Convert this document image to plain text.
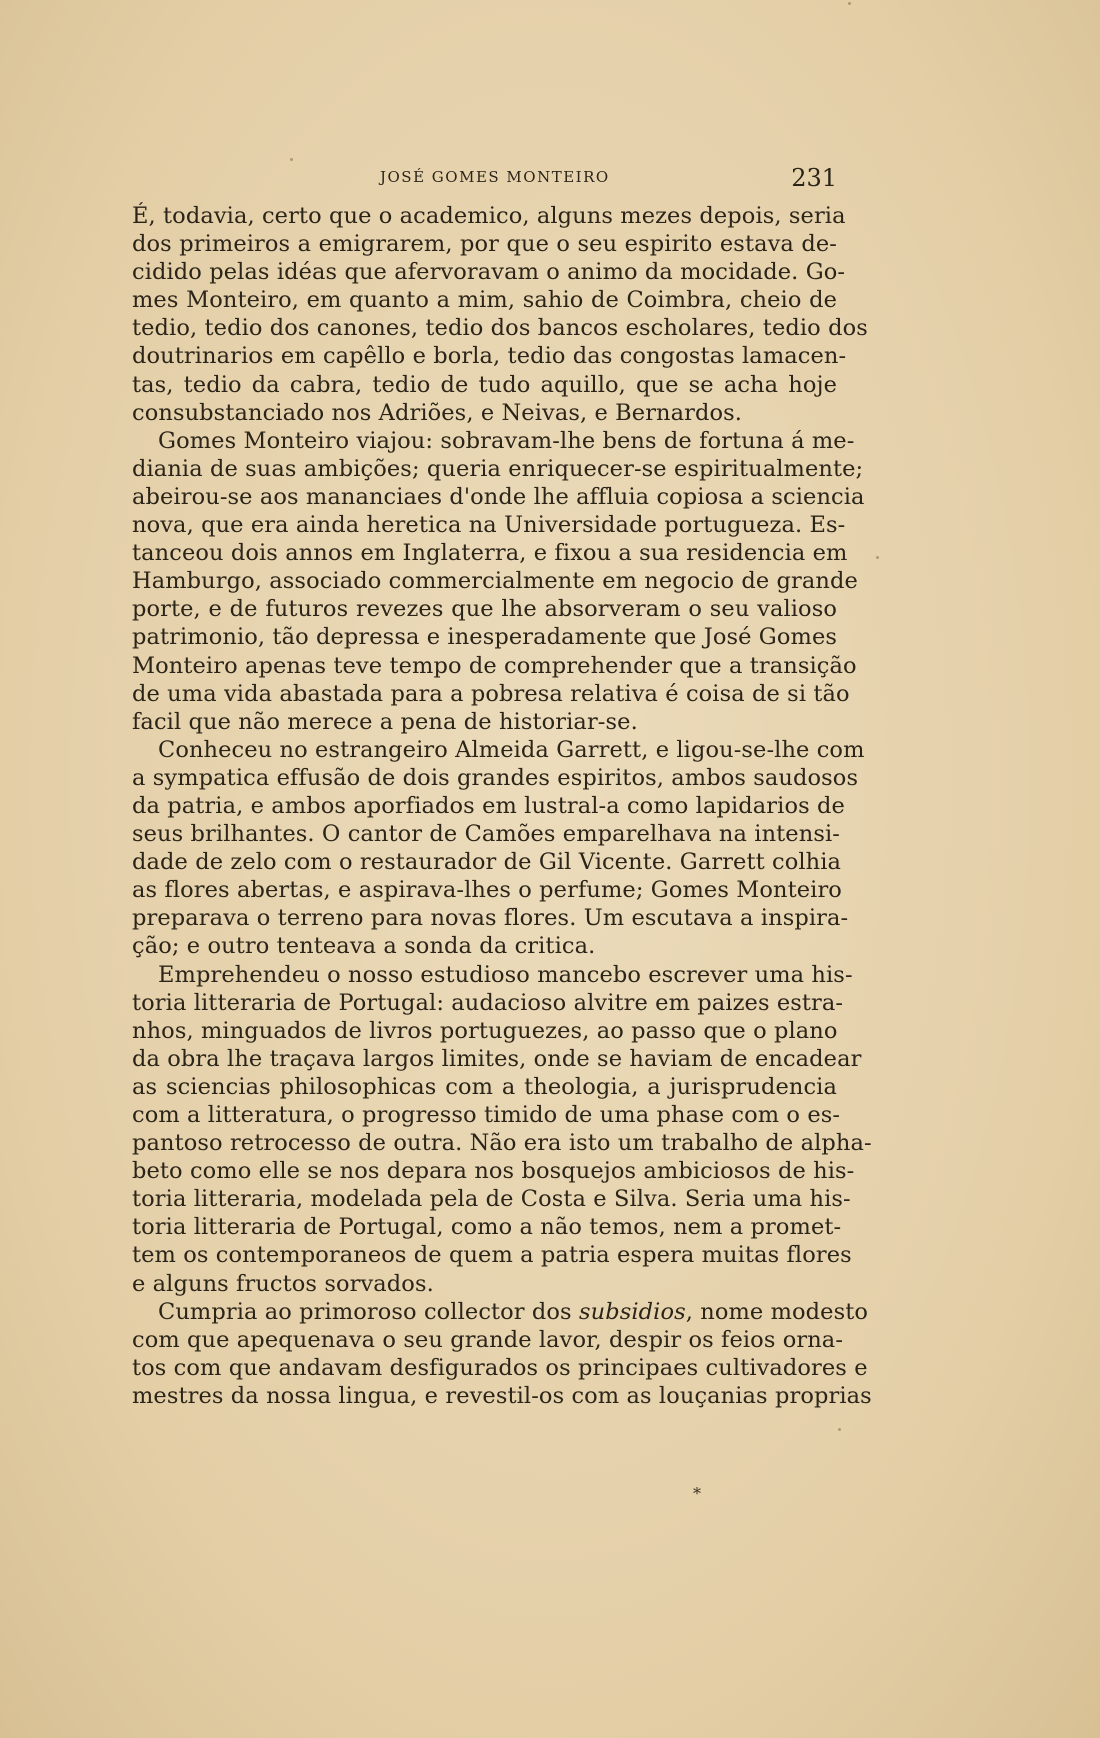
JOSÉ GOMES MONTEIRO	231
É, todavia, certo que o academico, alguns mezes depois, seria
dos primeiros a emigrarem, por que o seu espirito estava de-
cidido pelas idéas que afervoravam o animo da mocidade. Go-
mes Monteiro, em quanto a mim, sahio de Coimbra, cheio de
tedio, tedio dos canones, tedio dos bancos escholares, tedio dos
doutrinarios em capêllo e borla, tedio das congostas lamacen-
tas, tedio da cabra, tedio de tudo aquillo, que se acha hoje
consubstanciado nos Adriões, e Neivas, e Bernardos.
Gomes Monteiro viajou: sobravam-lhe bens de fortuna á me-
diania de suas ambições; queria enriquecer-se espiritualmente;
abeirou-se aos mananciaes d'onde lhe affluia copiosa a sciencia
nova, que era ainda heretica na Universidade portugueza. Es-
tanceou dois annos em Inglaterra, e fixou a sua residencia em
Hamburgo, associado commercialmente em negocio de grande
porte, e de futuros revezes que lhe absorveram o seu valioso
patrimonio, tão depressa e inesperadamente que José Gomes
Monteiro apenas teve tempo de comprehender que a transição
de uma vida abastada para a pobresa relativa é coisa de si tão
facil que não merece a pena de historiar-se.
Conheceu no estrangeiro Almeida Garrett, e ligou-se-lhe com
a sympatica effusão de dois grandes espiritos, ambos saudosos
da patria, e ambos aporfiados em lustral-a como lapidarios de
seus brilhantes. O cantor de Camões emparelhava na intensi-
dade de zelo com o restaurador de Gil Vicente. Garrett colhia
as flores abertas, e aspirava-lhes o perfume; Gomes Monteiro
preparava o terreno para novas flores. Um escutava a inspira-
ção; e outro tenteava a sonda da critica.
Emprehendeu o nosso estudioso mancebo escrever uma his-
toria litteraria de Portugal: audacioso alvitre em paizes estra-
nhos, minguados de livros portuguezes, ao passo que o plano
da obra lhe traçava largos limites, onde se haviam de encadear
as sciencias philosophicas com a theologia, a jurisprudencia
com a litteratura, o progresso timido de uma phase com o es-
pantoso retrocesso de outra. Não era isto um trabalho de alpha-
beto como elle se nos depara nos bosquejos ambiciosos de his-
toria litteraria, modelada pela de Costa e Silva. Seria uma his-
toria litteraria de Portugal, como a não temos, nem a promet-
tem os contemporaneos de quem a patria espera muitas flores
e alguns fructos sorvados.
Cumpria ao primoroso collector dos subsidios, nome modesto
com que apequenava o seu grande lavor, despir os feios orna-
tos com que andavam desfigurados os principaes cultivadores e
mestres da nossa lingua, e revestil-os com as louçanias proprias
*
